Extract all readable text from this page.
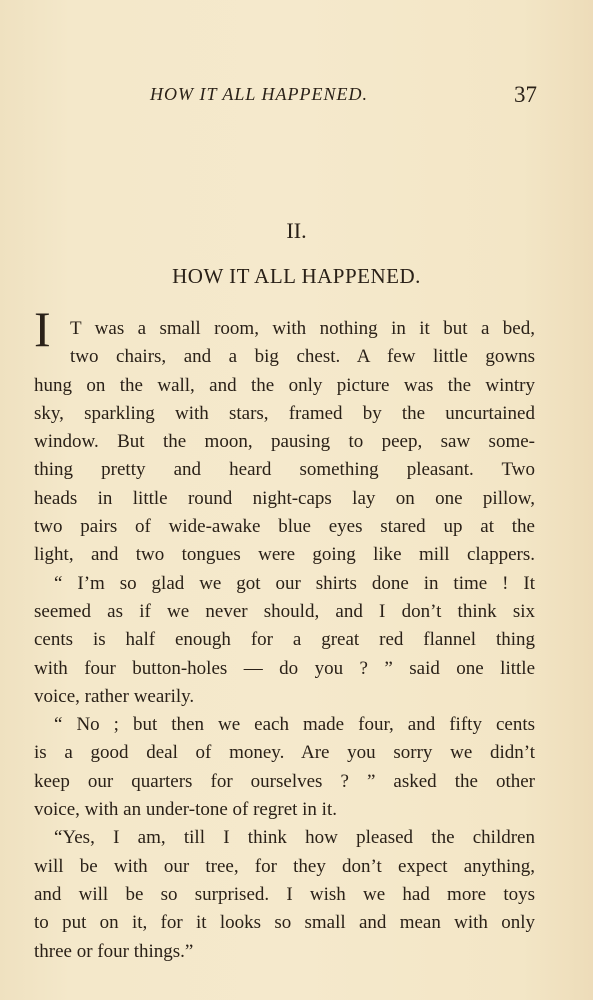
HOW IT ALL HAPPENED.	37
II.
HOW IT ALL HAPPENED.
I T was a small room, with nothing in it but a bed,
two chairs, and a big chest. A few little gowns
hung on the wall, and the only picture was the wintry
sky, sparkling with stars, framed by the uncurtained
window. But the moon, pausing to peep, saw some-
thing pretty and heard something pleasant. Two
heads in little round night-caps lay on one pillow,
two pairs of wide-awake blue eyes stared up at the
light, and two tongues were going like mill clappers.
“ I’m so glad we got our shirts done in time ! It
seemed as if we never should, and I don’t think six
cents is half enough for a great red flannel thing
with four button-holes — do you ? ” said one little
voice, rather wearily.
“ No ; but then we each made four, and fifty cents
is a good deal of money. Are you sorry we didn’t
keep our quarters for ourselves ? ” asked the other
voice, with an under-tone of regret in it.
“Yes, I am, till I think how pleased the children
will be with our tree, for they don’t expect anything,
and will be so surprised. I wish we had more toys
to put on it, for it looks so small and mean with only
three or four things.”
